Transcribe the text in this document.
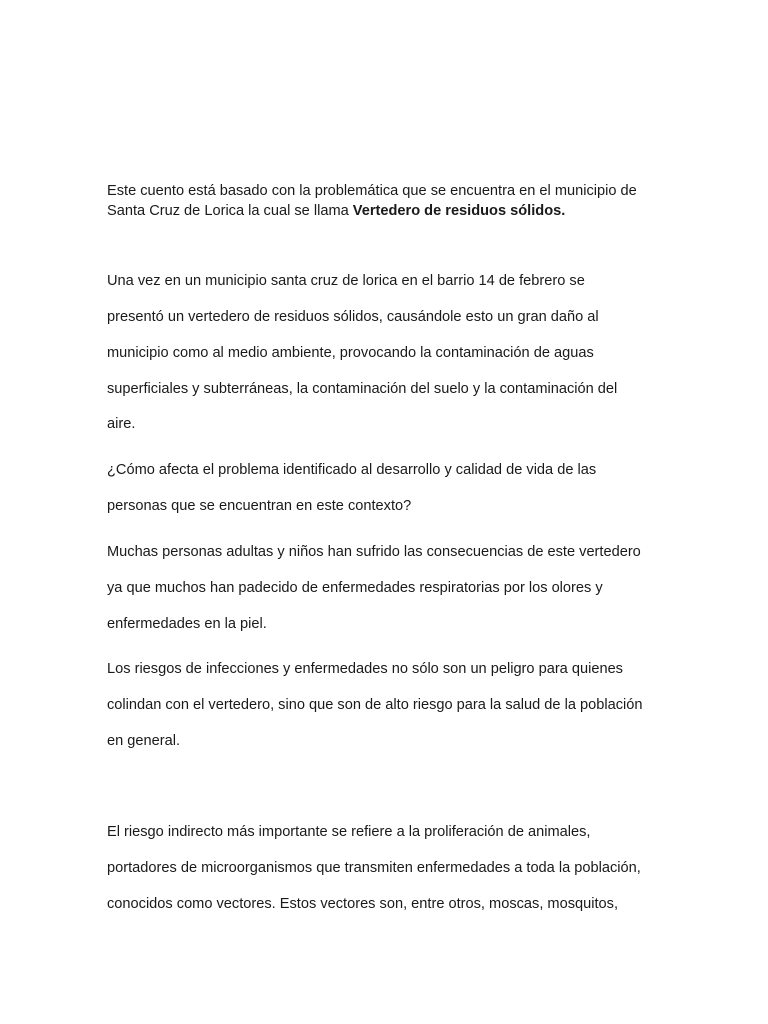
Este cuento está basado con la problemática que se encuentra en el municipio de

Santa Cruz de Lorica la cual se llama Vertedero de residuos sólidos.

Una vez en un municipio santa cruz de lorica en el barrio 14 de febrero se

presentó un vertedero de residuos sólidos, causándole esto un gran daño al

municipio como al medio ambiente, provocando la contaminación de aguas

superficiales y subterráneas, la contaminación del suelo y la contaminación del

aire.

¿Cómo afecta el problema identificado al desarrollo y calidad de vida de las

personas que se encuentran en este contexto?

Muchas personas adultas y niños han sufrido las consecuencias de este vertedero

ya que muchos han padecido de enfermedades respiratorias por los olores y

enfermedades en la piel.

Los riesgos de infecciones y enfermedades no sólo son un peligro para quienes

colindan con el vertedero, sino que son de alto riesgo para la salud de la población

en general.

El riesgo indirecto más importante se refiere a la proliferación de animales,

portadores de microorganismos que transmiten enfermedades a toda la población,

conocidos como vectores. Estos vectores son, entre otros, moscas, mosquitos,
